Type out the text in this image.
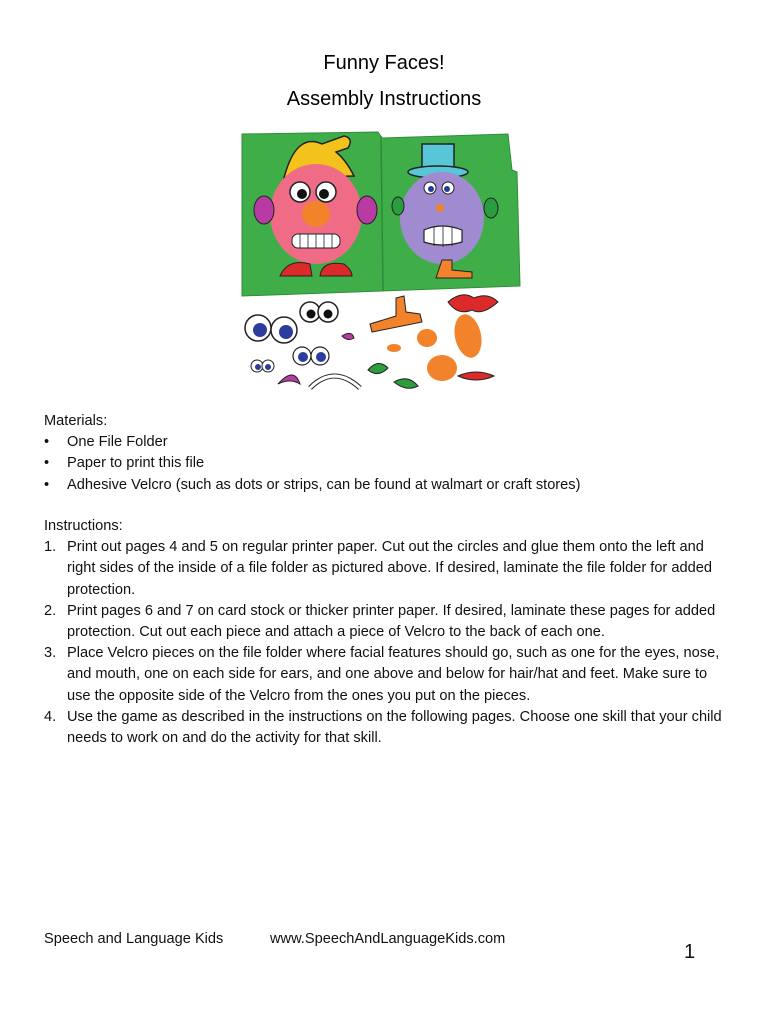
Funny Faces!
Assembly Instructions

Materials:

• One File Folder
• Paper to print this file
• Adhesive Velcro (such as dots or strips, can be found at walmart or craft stores)

Instructions:

1. Print out pages 4 and 5 on regular printer paper. Cut out the circles and glue them onto the left and right sides of the inside of a file folder as pictured above. If desired, laminate the file folder for added protection.
2. Print pages 6 and 7 on card stock or thicker printer paper. If desired, laminate these pages for added protection. Cut out each piece and attach a piece of Velcro to the back of each one.
3. Place Velcro pieces on the file folder where facial features should go, such as one for the eyes, nose, and mouth, one on each side for ears, and one above and below for hair/hat and feet. Make sure to use the opposite side of the Velcro from the ones you put on the pieces.
4. Use the game as described in the instructions on the following pages. Choose one skill that your child needs to work on and do the activity for that skill.
Speech and Language Kids	www.SpeechAndLanguageKids.com
1
